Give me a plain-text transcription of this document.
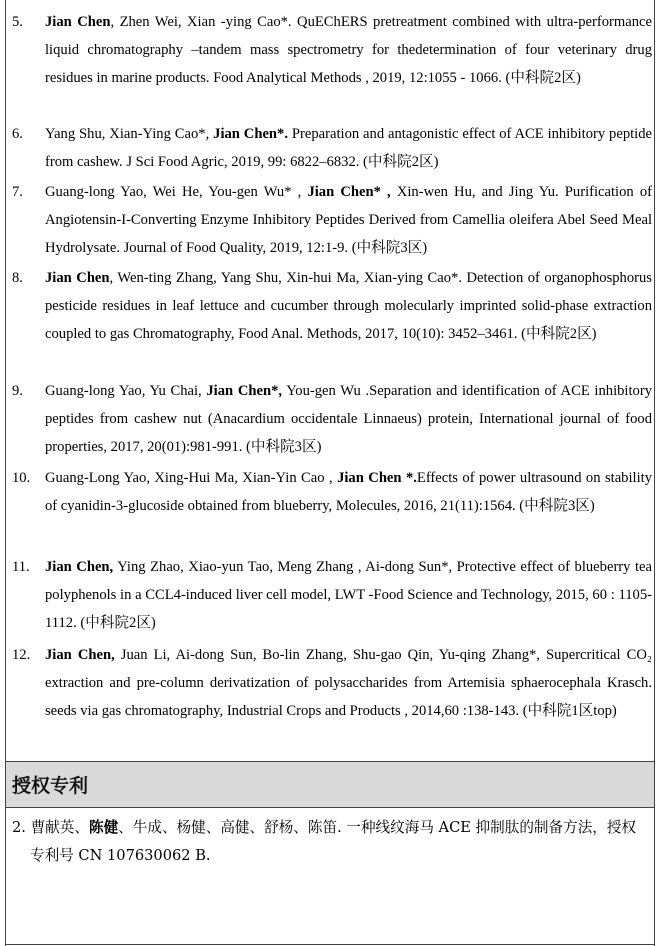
5.	Jian Chen, Zhen Wei, Xian -ying Cao*. QuEChERS pretreatment combined with ultra-performance liquid chromatography –tandem mass spectrometry for thedetermination of four veterinary drug residues in marine products. Food Analytical Methods , 2019, 12:1055 - 1066. (中科院2区)
6.	Yang Shu, Xian-Ying Cao*, Jian Chen*. Preparation and antagonistic effect of ACE inhibitory peptide from cashew. J Sci Food Agric, 2019, 99: 6822–6832. (中科院2区)
7.	Guang-long Yao, Wei He, You-gen Wu* , Jian Chen* , Xin-wen Hu, and Jing Yu. Purification of Angiotensin-I-Converting Enzyme Inhibitory Peptides Derived from Camellia oleifera Abel Seed Meal Hydrolysate. Journal of Food Quality, 2019, 12:1-9. (中科院3区)
8.	Jian Chen, Wen-ting Zhang, Yang Shu, Xin-hui Ma, Xian-ying Cao*. Detection of organophosphorus pesticide residues in leaf lettuce and cucumber through molecularly imprinted solid-phase extraction coupled to gas Chromatography, Food Anal. Methods, 2017, 10(10): 3452–3461. (中科院2区)
9.	Guang-long Yao, Yu Chai, Jian Chen*, You-gen Wu .Separation and identification of ACE inhibitory peptides from cashew nut (Anacardium occidentale Linnaeus) protein, International journal of food properties, 2017, 20(01):981-991. (中科院3区)
10.	Guang-Long Yao, Xing-Hui Ma, Xian-Yin Cao , Jian Chen *.Effects of power ultrasound on stability of cyanidin-3-glucoside obtained from blueberry, Molecules, 2016, 21(11):1564. (中科院3区)
11.	Jian Chen, Ying Zhao, Xiao-yun Tao, Meng Zhang , Ai-dong Sun*, Protective effect of blueberry tea polyphenols in a CCL4-induced liver cell model, LWT -Food Science and Technology, 2015, 60 : 1105-1112. (中科院2区)
12.	Jian Chen, Juan Li, Ai-dong Sun, Bo-lin Zhang, Shu-gao Qin, Yu-qing Zhang*, Supercritical CO₂ extraction and pre-column derivatization of polysaccharides from Artemisia sphaerocephala Krasch. seeds via gas chromatography, Industrial Crops and Products , 2014,60 :138-143. (中科院1区top)
授权专利
2. 曹献英、陈健、牛成、杨健、高健、舒杨、陈笛. 一种线纹海马 ACE 抑制肽的制备方法，授权专利号 CN 107630062 B.
